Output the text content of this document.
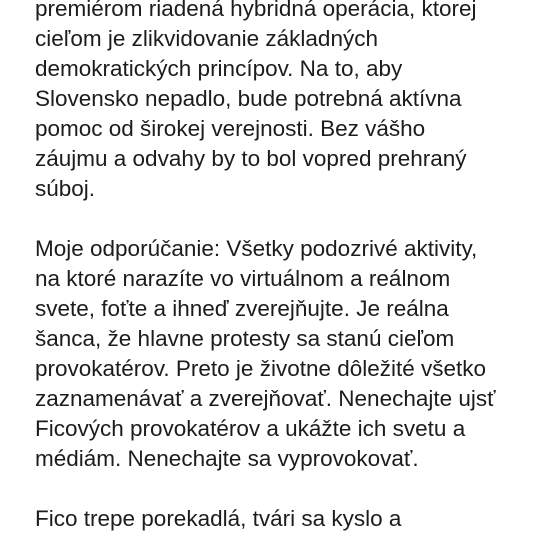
premiérom riadená hybridná operácia, ktorej
cieľom je zlikvidovanie základných
demokratických princípov. Na to, aby
Slovensko nepadlo, bude potrebná aktívna
pomoc od širokej verejnosti. Bez vášho
záujmu a odvahy by to bol vopred prehraný
súboj.
Moje odporúčanie: Všetky podozrivé aktivity,
na ktoré narazíte vo virtuálnom a reálnom
svete, foťte a ihneď zverejňujte. Je reálna
šanca, že hlavne protesty sa stanú cieľom
provokatérov. Preto je životne dôležité všetko
zaznamenávať a zverejňovať. Nenechajte ujsť
Ficových provokatérov a ukážte ich svetu a
médiám. Nenechajte sa vyprovokovať.
Fico trepe porekadlá, tvári sa kyslo a
